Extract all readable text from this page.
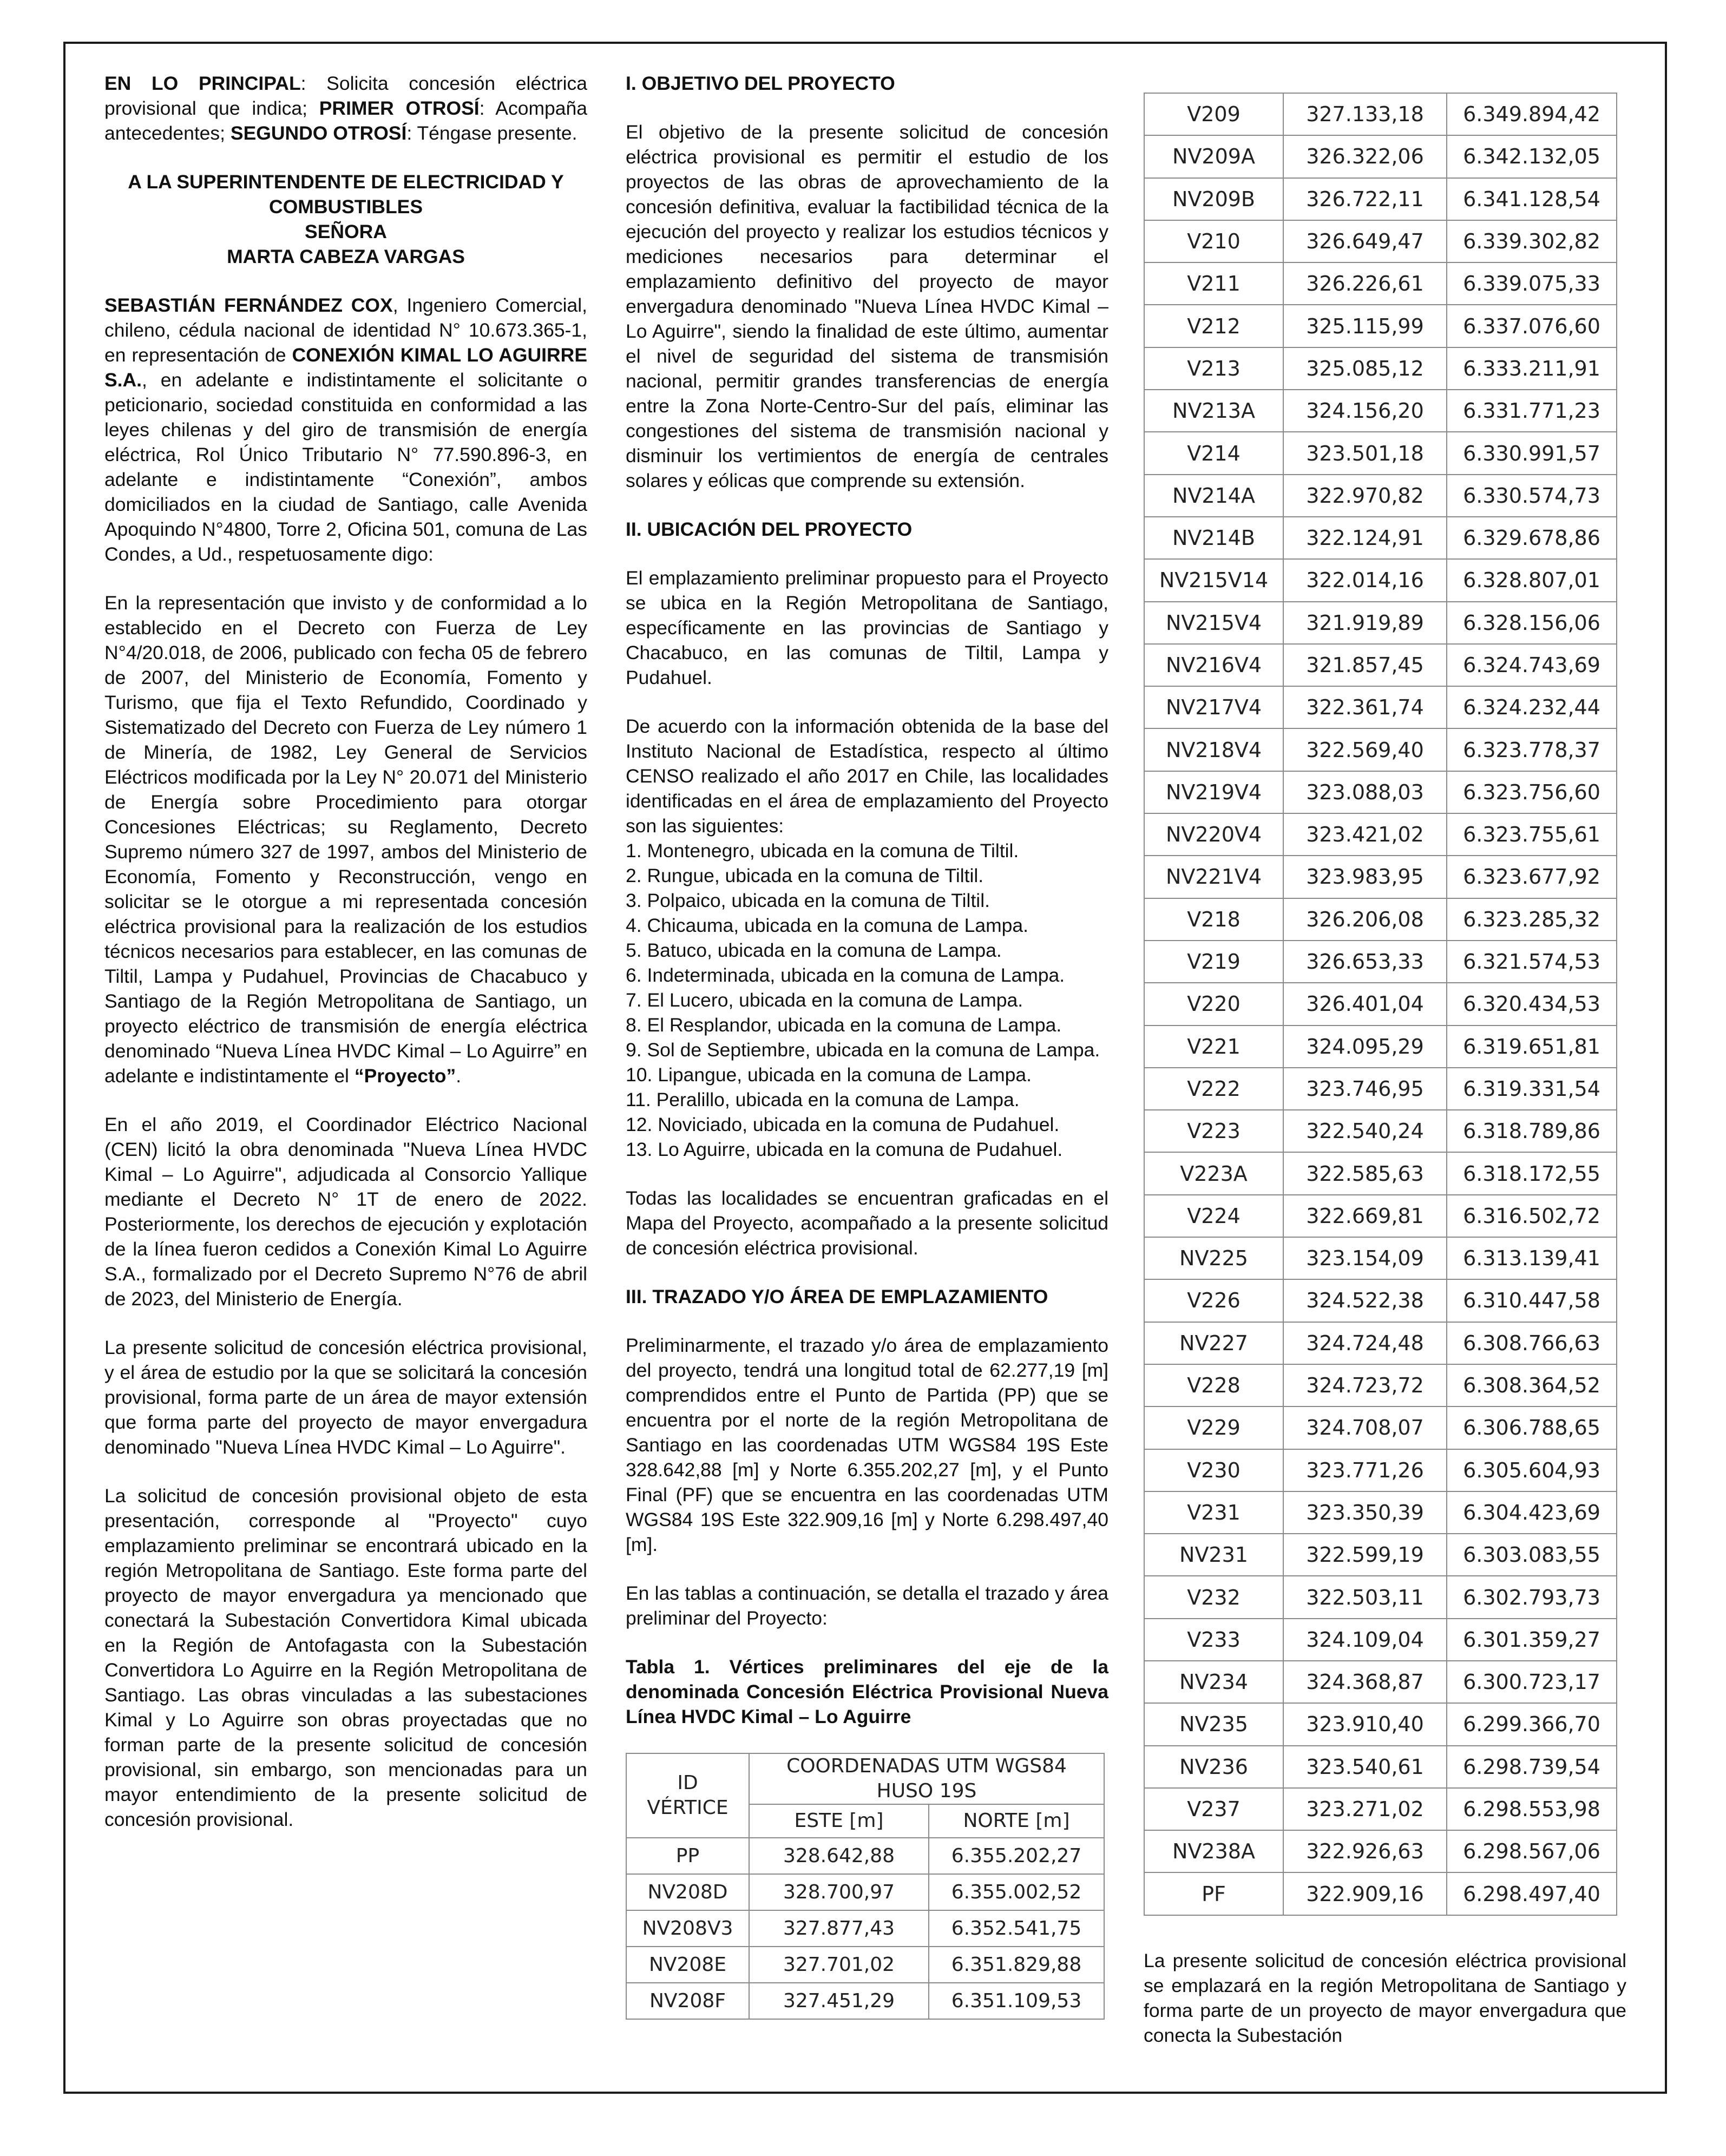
EN LO PRINCIPAL: Solicita concesión eléctrica provisional que indica; PRIMER OTROSÍ: Acompaña antecedentes; SEGUNDO OTROSÍ: Téngase presente.

A LA SUPERINTENDENTE DE ELECTRICIDAD Y COMBUSTIBLES
SEÑORA
MARTA CABEZA VARGAS

SEBASTIÁN FERNÁNDEZ COX, Ingeniero Comercial, chileno, cédula nacional de identidad N° 10.673.365-1, en representación de CONEXIÓN KIMAL LO AGUIRRE S.A., en adelante e indistintamente el solicitante o peticionario, sociedad constituida en conformidad a las leyes chilenas y del giro de transmisión de energía eléctrica, Rol Único Tributario N° 77.590.896-3, en adelante e indistintamente “Conexión”, ambos domiciliados en la ciudad de Santiago, calle Avenida Apoquindo N°4800, Torre 2, Oficina 501, comuna de Las Condes, a Ud., respetuosamente digo:

En la representación que invisto y de conformidad a lo establecido en el Decreto con Fuerza de Ley N°4/20.018, de 2006, publicado con fecha 05 de febrero de 2007, del Ministerio de Economía, Fomento y Turismo, que fija el Texto Refundido, Coordinado y Sistematizado del Decreto con Fuerza de Ley número 1 de Minería, de 1982, Ley General de Servicios Eléctricos modificada por la Ley N° 20.071 del Ministerio de Energía sobre Procedimiento para otorgar Concesiones Eléctricas; su Reglamento, Decreto Supremo número 327 de 1997, ambos del Ministerio de Economía, Fomento y Reconstrucción, vengo en solicitar se le otorgue a mi representada concesión eléctrica provisional para la realización de los estudios técnicos necesarios para establecer, en las comunas de Tiltil, Lampa y Pudahuel, Provincias de Chacabuco y Santiago de la Región Metropolitana de Santiago, un proyecto eléctrico de transmisión de energía eléctrica denominado “Nueva Línea HVDC Kimal – Lo Aguirre” en adelante e indistintamente el “Proyecto”.

En el año 2019, el Coordinador Eléctrico Nacional (CEN) licitó la obra denominada "Nueva Línea HVDC Kimal – Lo Aguirre", adjudicada al Consorcio Yallique mediante el Decreto N° 1T de enero de 2022. Posteriormente, los derechos de ejecución y explotación de la línea fueron cedidos a Conexión Kimal Lo Aguirre S.A., formalizado por el Decreto Supremo N°76 de abril de 2023, del Ministerio de Energía.

La presente solicitud de concesión eléctrica provisional, y el área de estudio por la que se solicitará la concesión provisional, forma parte de un área de mayor extensión que forma parte del proyecto de mayor envergadura denominado "Nueva Línea HVDC Kimal – Lo Aguirre".

La solicitud de concesión provisional objeto de esta presentación, corresponde al "Proyecto" cuyo emplazamiento preliminar se encontrará ubicado en la región Metropolitana de Santiago. Este forma parte del proyecto de mayor envergadura ya mencionado que conectará la Subestación Convertidora Kimal ubicada en la Región de Antofagasta con la Subestación Convertidora Lo Aguirre en la Región Metropolitana de Santiago. Las obras vinculadas a las subestaciones Kimal y Lo Aguirre son obras proyectadas que no forman parte de la presente solicitud de concesión provisional, sin embargo, son mencionadas para un mayor entendimiento de la presente solicitud de concesión provisional.

I. OBJETIVO DEL PROYECTO

El objetivo de la presente solicitud de concesión eléctrica provisional es permitir el estudio de los proyectos de las obras de aprovechamiento de la concesión definitiva, evaluar la factibilidad técnica de la ejecución del proyecto y realizar los estudios técnicos y mediciones necesarios para determinar el emplazamiento definitivo del proyecto de mayor envergadura denominado "Nueva Línea HVDC Kimal – Lo Aguirre", siendo la finalidad de este último, aumentar el nivel de seguridad del sistema de transmisión nacional, permitir grandes transferencias de energía entre la Zona Norte-Centro-Sur del país, eliminar las congestiones del sistema de transmisión nacional y disminuir los vertimientos de energía de centrales solares y eólicas que comprende su extensión.

II. UBICACIÓN DEL PROYECTO

El emplazamiento preliminar propuesto para el Proyecto se ubica en la Región Metropolitana de Santiago, específicamente en las provincias de Santiago y Chacabuco, en las comunas de Tiltil, Lampa y Pudahuel.

De acuerdo con la información obtenida de la base del Instituto Nacional de Estadística, respecto al último CENSO realizado el año 2017 en Chile, las localidades identificadas en el área de emplazamiento del Proyecto son las siguientes:
1. Montenegro, ubicada en la comuna de Tiltil.
2. Rungue, ubicada en la comuna de Tiltil.
3. Polpaico, ubicada en la comuna de Tiltil.
4. Chicauma, ubicada en la comuna de Lampa.
5. Batuco, ubicada en la comuna de Lampa.
6. Indeterminada, ubicada en la comuna de Lampa.
7. El Lucero, ubicada en la comuna de Lampa.
8. El Resplandor, ubicada en la comuna de Lampa.
9. Sol de Septiembre, ubicada en la comuna de Lampa.
10. Lipangue, ubicada en la comuna de Lampa.
11. Peralillo, ubicada en la comuna de Lampa.
12. Noviciado, ubicada en la comuna de Pudahuel.
13. Lo Aguirre, ubicada en la comuna de Pudahuel.

Todas las localidades se encuentran graficadas en el Mapa del Proyecto, acompañado a la presente solicitud de concesión eléctrica provisional.

III. TRAZADO Y/O ÁREA DE EMPLAZAMIENTO

Preliminarmente, el trazado y/o área de emplazamiento del proyecto, tendrá una longitud total de 62.277,19 [m] comprendidos entre el Punto de Partida (PP) que se encuentra por el norte de la región Metropolitana de Santiago en las coordenadas UTM WGS84 19S Este 328.642,88 [m] y Norte 6.355.202,27 [m], y el Punto Final (PF) que se encuentra en las coordenadas UTM WGS84 19S Este 322.909,16 [m] y Norte 6.298.497,40 [m].

En las tablas a continuación, se detalla el trazado y área preliminar del Proyecto:

Tabla 1. Vértices preliminares del eje de la denominada Concesión Eléctrica Provisional Nueva Línea HVDC Kimal – Lo Aguirre
ID
VÉRTICE	COORDENADAS UTM WGS84
HUSO 19S	
	ESTE [m]	NORTE [m]
PP	328.642,88	6.355.202,27
NV208D	328.700,97	6.355.002,52
NV208V3	327.877,43	6.352.541,75
NV208E	327.701,02	6.351.829,88
NV208F	327.451,29	6.351.109,53
V209	327.133,18	6.349.894,42
NV209A	326.322,06	6.342.132,05
NV209B	326.722,11	6.341.128,54
V210	326.649,47	6.339.302,82
V211	326.226,61	6.339.075,33
V212	325.115,99	6.337.076,60
V213	325.085,12	6.333.211,91
NV213A	324.156,20	6.331.771,23
V214	323.501,18	6.330.991,57
NV214A	322.970,82	6.330.574,73
NV214B	322.124,91	6.329.678,86
NV215V14	322.014,16	6.328.807,01
NV215V4	321.919,89	6.328.156,06
NV216V4	321.857,45	6.324.743,69
NV217V4	322.361,74	6.324.232,44
NV218V4	322.569,40	6.323.778,37
NV219V4	323.088,03	6.323.756,60
NV220V4	323.421,02	6.323.755,61
NV221V4	323.983,95	6.323.677,92
V218	326.206,08	6.323.285,32
V219	326.653,33	6.321.574,53
V220	326.401,04	6.320.434,53
V221	324.095,29	6.319.651,81
V222	323.746,95	6.319.331,54
V223	322.540,24	6.318.789,86
V223A	322.585,63	6.318.172,55
V224	322.669,81	6.316.502,72
NV225	323.154,09	6.313.139,41
V226	324.522,38	6.310.447,58
NV227	324.724,48	6.308.766,63
V228	324.723,72	6.308.364,52
V229	324.708,07	6.306.788,65
V230	323.771,26	6.305.604,93
V231	323.350,39	6.304.423,69
NV231	322.599,19	6.303.083,55
V232	322.503,11	6.302.793,73
V233	324.109,04	6.301.359,27
NV234	324.368,87	6.300.723,17
NV235	323.910,40	6.299.366,70
NV236	323.540,61	6.298.739,54
V237	323.271,02	6.298.553,98
NV238A	322.926,63	6.298.567,06
PF	322.909,16	6.298.497,40

La presente solicitud de concesión eléctrica provisional se emplazará en la región Metropolitana de Santiago y forma parte de un proyecto de mayor envergadura que conecta la Subestación
